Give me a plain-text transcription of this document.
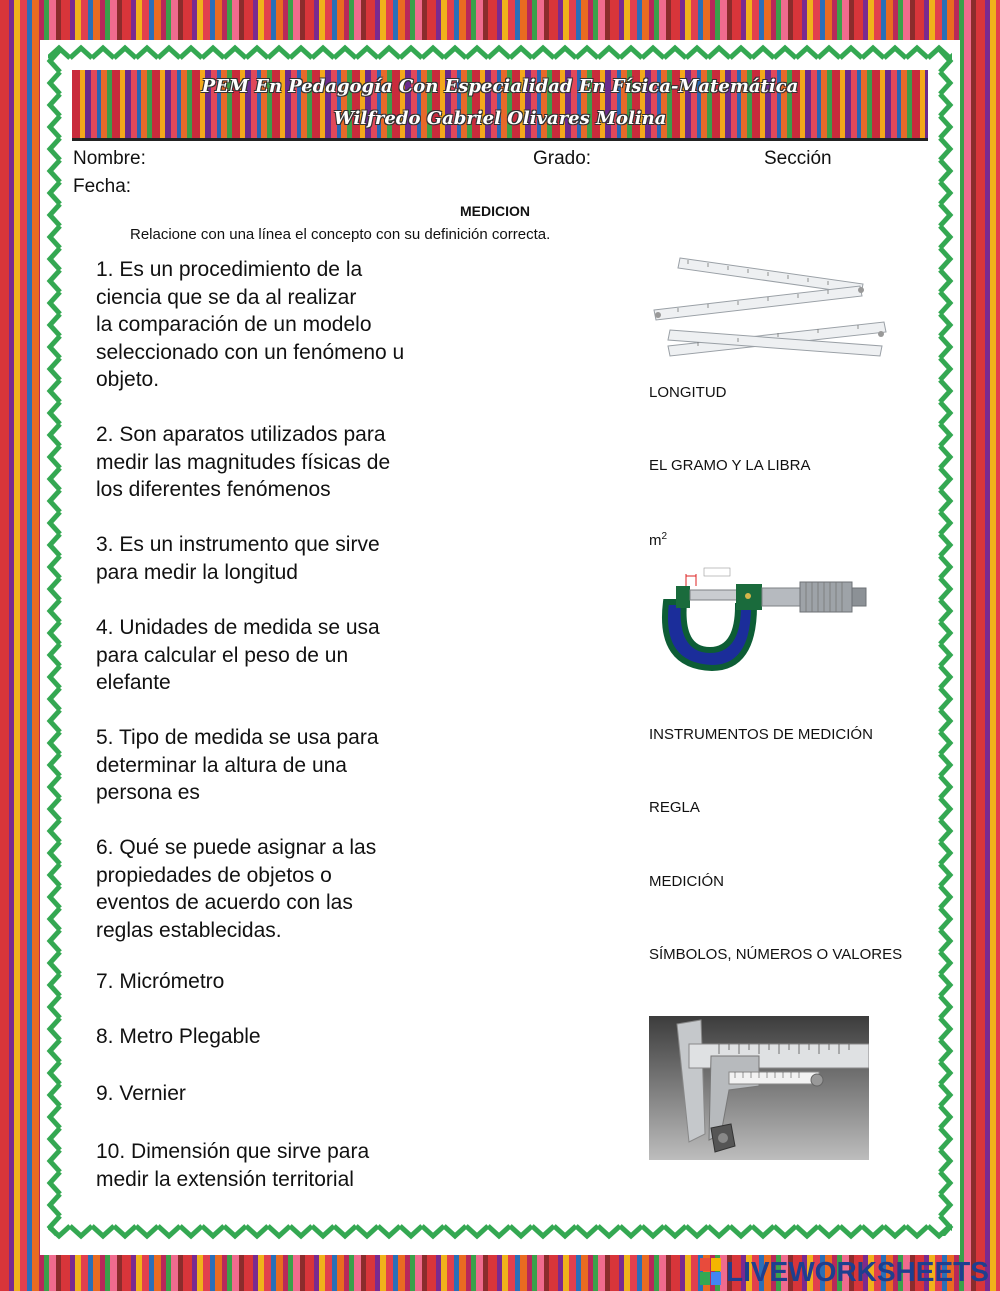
PEM En Pedagogía Con Especialidad En Física-Matemática
Wilfredo Gabriel Olivares Molina
Nombre:	Grado:	Sección
Fecha:
MEDICION
Relacione con una línea el concepto con su definición correcta.
1. Es un procedimiento de la
ciencia que se da al realizar
la comparación de un modelo
seleccionado con un fenómeno u
objeto.
2. Son aparatos utilizados para
medir las magnitudes físicas de
los diferentes fenómenos
3. Es un instrumento que sirve
para medir la longitud
4. Unidades de medida se usa
para calcular el peso de un
elefante
5. Tipo de medida se usa para
determinar la altura de una
persona es
6. Qué se puede asignar a las
propiedades de objetos o
eventos de acuerdo con las
reglas establecidas.
7. Micrómetro
8. Metro Plegable
9. Vernier
10. Dimensión que sirve para
medir la extensión territorial
LONGITUD
EL GRAMO Y LA LIBRA
$m^2$
INSTRUMENTOS DE MEDICIÓN
REGLA
MEDICIÓN
SÍMBOLOS, NÚMEROS O VALORES
LIVEWORKSHEETS
